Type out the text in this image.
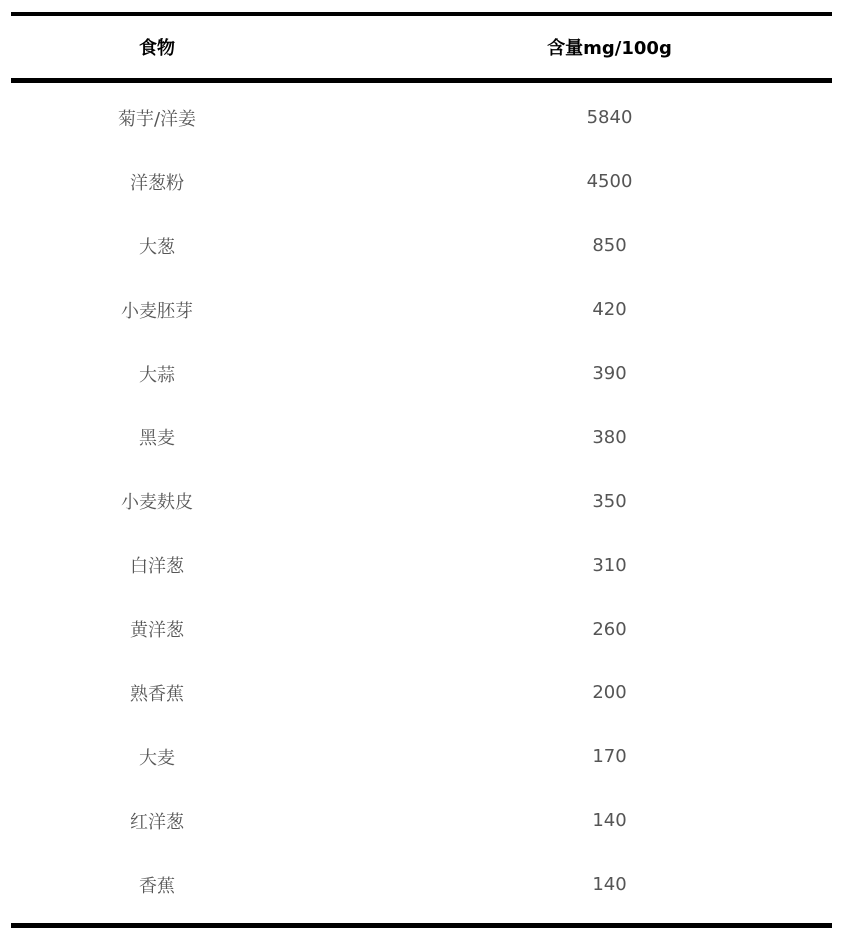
食物	含量mg/100g
菊芋/洋姜	5840
洋葱粉	4500
大葱	850
小麦胚芽	420
大蒜	390
黑麦	380
小麦麸皮	350
白洋葱	310
黄洋葱	260
熟香蕉	200
大麦	170
红洋葱	140
香蕉	140
